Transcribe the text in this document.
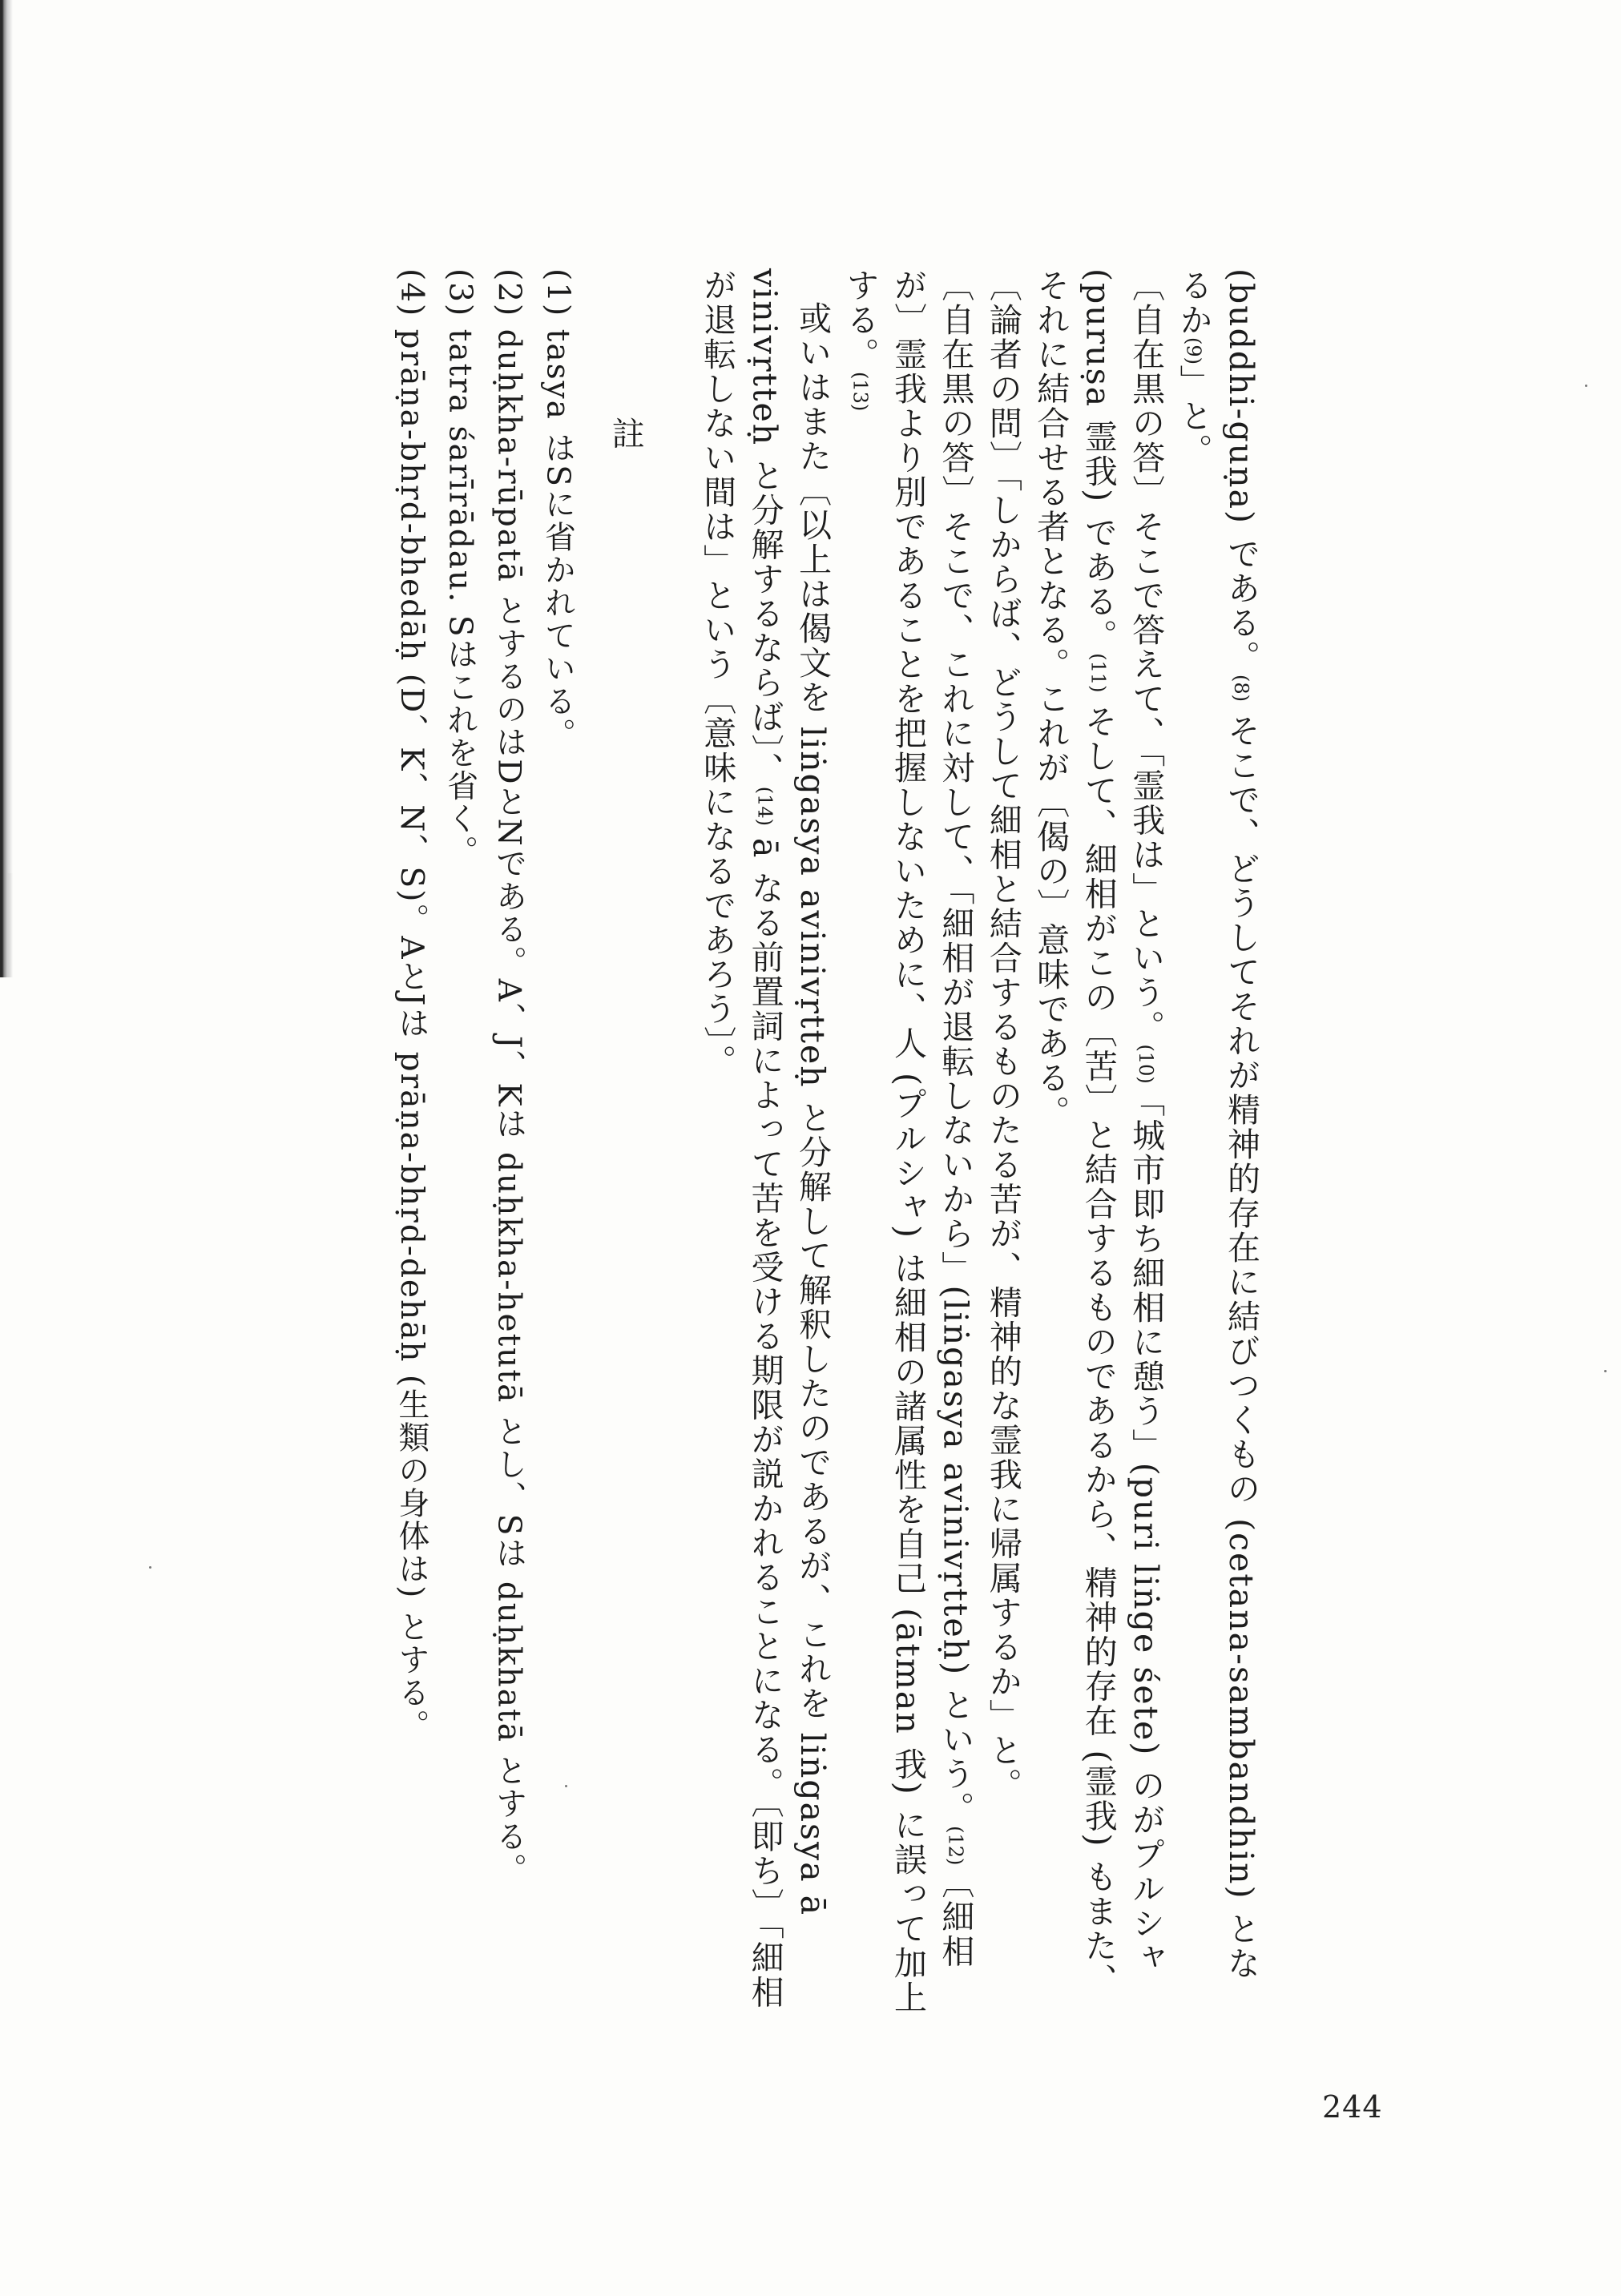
(buddhi-guṇa) である。(8) そこで、どうしてそれが精神的存在に結びつくもの (cetana-sambandhin) となるか(9)」と。

〔自在黒の答〕そこで答えて、「霊我は」という。(10)「城市即ち細相に憩う」(puri liṅge śete) のがプルシャ (puruṣa 霊我) である。(11) そして、細相がこの〔苦〕と結合するものであるから、精神的存在 (霊我) もまた、それに結合せる者となる。これが〔偈の〕意味である。

〔論者の問〕「しからば、どうして細相と結合するものたる苦が、精神的な霊我に帰属するか」と。

〔自在黒の答〕そこで、これに対して、「細相が退転しないから」(liṅgasya avinivṛtteḥ) という。(12)〔細相が〕霊我より別であることを把握しないために、人 (プルシャ) は細相の諸属性を自己 (ātman 我) に誤って加上する。(13)

或いはまた〔以上は偈文を liṅgasya avinivṛtteḥ と分解して解釈したのであるが、これを liṅgasya ā vinivṛtteḥ と分解するならば〕、(14) ā なる前置詞によって苦を受ける期限が説かれることになる。〔即ち〕「細相が退転しない間は」という〔意味になるであろう〕。

註

(1) tasya はSに省かれている。

(2) duḥkha-rūpatā とするのはDとNである。A、J、Kは duḥkha-hetutā とし、Sは duḥkhatā とする。

(3) tatra śarīrādau. Sはこれを省く。

(4) prāṇa-bhṛd-bhedāḥ (D、K、N、S)。AとJは prāṇa-bhṛd-dehāḥ (生類の身体は) とする。

244
